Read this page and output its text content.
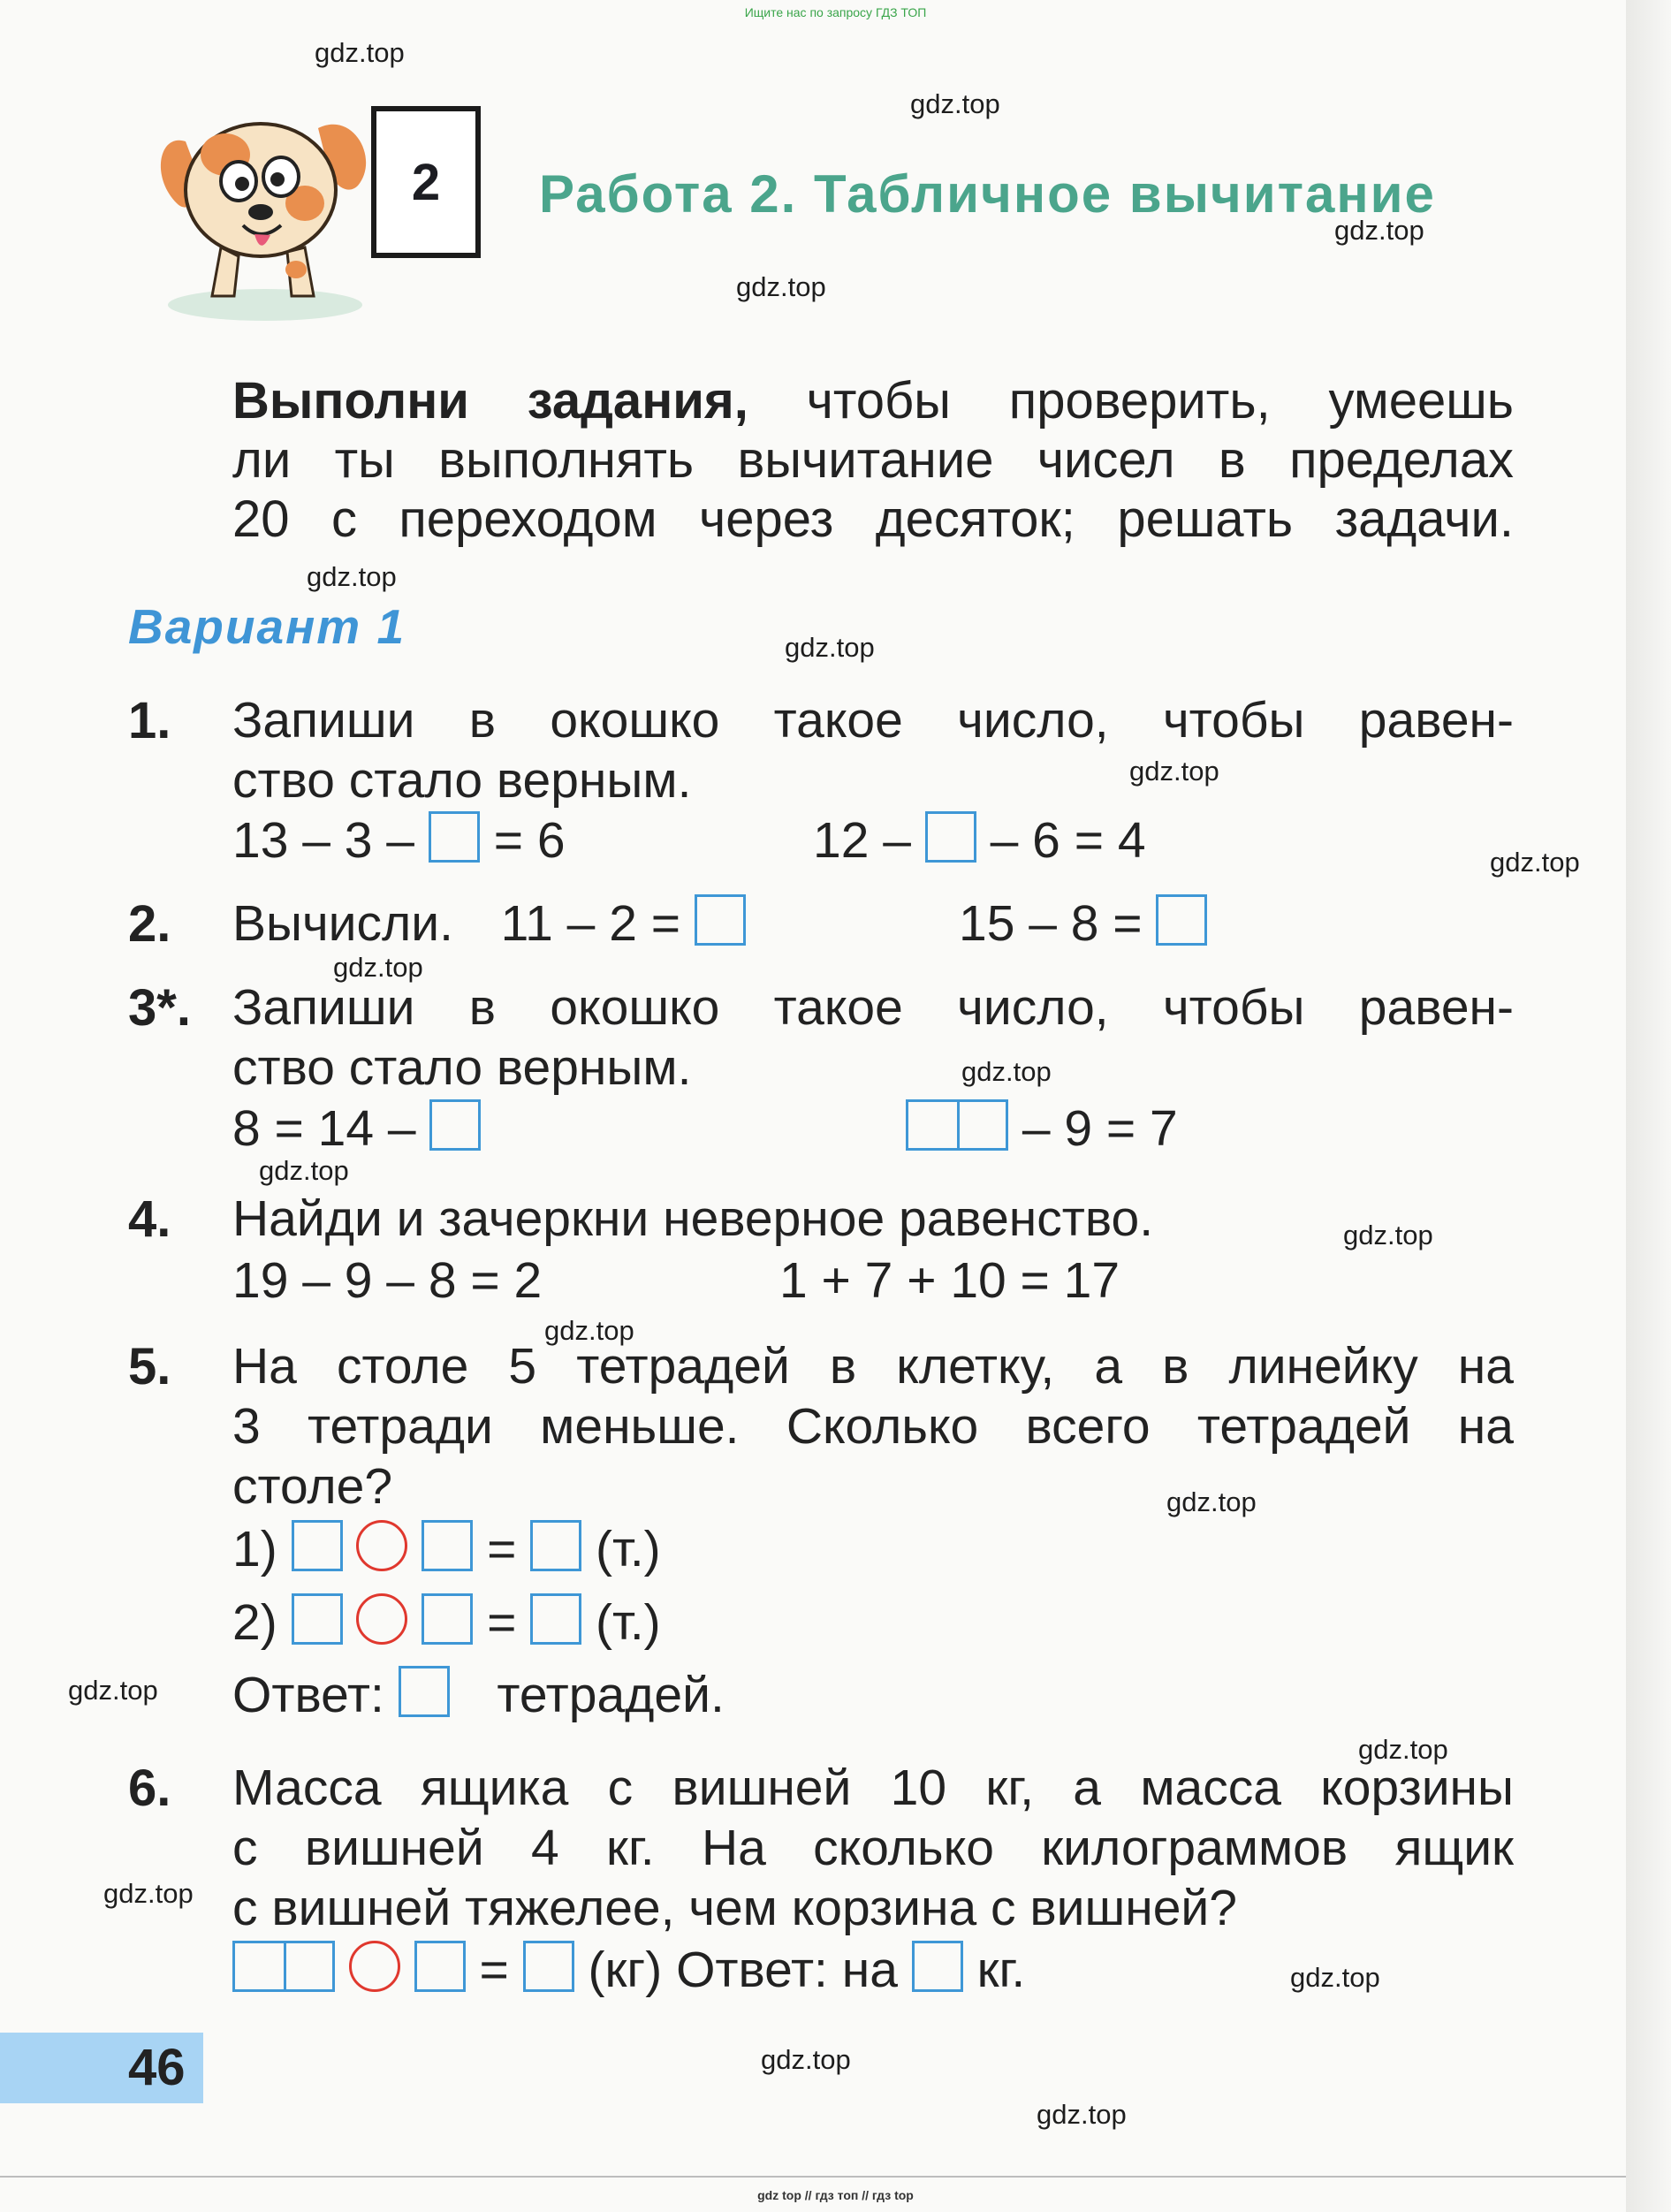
Ищите нас по запросу ГДЗ ТОП
gdz.top
gdz.top
gdz.top
gdz.top
gdz.top
gdz.top
gdz.top
gdz.top
gdz.top
gdz.top
gdz.top
gdz.top
gdz.top
gdz.top
gdz.top
gdz.top
gdz.top
gdz.top
gdz.top
gdz.top
2	Работа 2. Табличное вычитание
Выполни задания, чтобы проверить, умеешь
ли ты выполнять вычитание чисел в пределах
20 с переходом через десяток; решать задачи.
Вариант 1
1. Запиши в окошко такое число, чтобы равен-
ство стало верным.
13 – 3 – = 6	12 – – 6 = 4
2. Вычисли. 11 – 2 =	15 – 8 =
3*. Запиши в окошко такое число, чтобы равен-
ство стало верным.
8 = 14 –	– 9 = 7
4. Найди и зачеркни неверное равенство.
19 – 9 – 8 = 2	1 + 7 + 10 = 17
5. На столе 5 тетрадей в клетку, а в линейку на
3 тетради меньше. Сколько всего тетрадей на
столе?
1)	= (т.)
2)	= (т.)
Ответ: тетрадей.
6. Масса ящика с вишней 10 кг, а масса корзины
с вишней 4 кг. На сколько килограммов ящик
с вишней тяжелее, чем корзина с вишней?
= (кг) Ответ: на кг.
46
gdz top // гдз топ // гдз top
